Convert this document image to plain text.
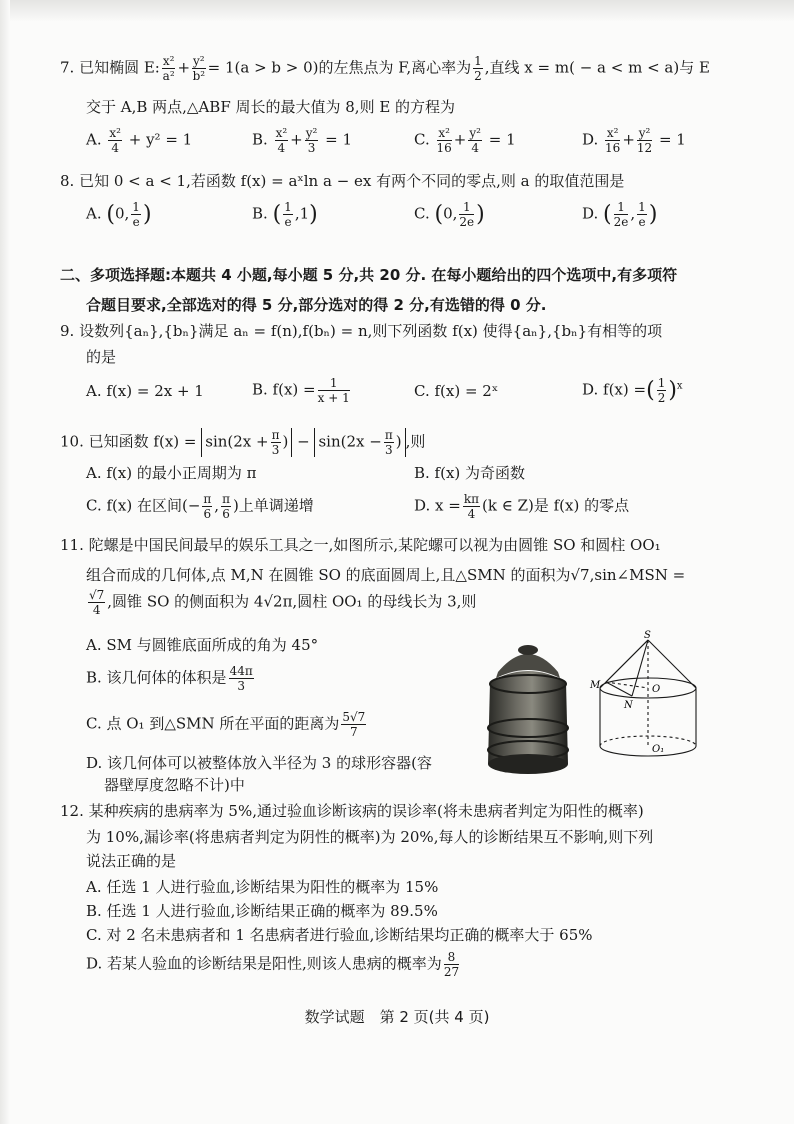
7. 已知椭圆 E: $\frac{\text{x²}}{\text{a²}} + \frac{\text{y²}}{\text{b²}} = 1(a > b > 0)$的左焦点为 F,离心率为 $\frac{1}{2}$ ,直线 x = m( − a < m < a)与 E
交于 A,B 两点,△ABF 周长的最大值为 8,则 E 的方程为
A. $\frac{\text{x²}}{4} + y^2 = 1$	B. $\frac{\text{x²}}{4} + \frac{\text{y²}}{3} = 1$	C. $\frac{\text{x²}}{16} + \frac{\text{y²}}{4} = 1$	D. $\frac{\text{x²}}{16} + \frac{\text{y²}}{12} = 1$
8. 已知 0 < a < 1,若函数 f(x) = aˣln a − ex 有两个不同的零点,则 a 的取值范围是
A. (0, $\frac{1}{e}$ )	B. ( $\frac{1}{e} ,1$)	C. (0, $\frac{1}{2e}$ )	D. ( $\frac{1}{2e}$ , $\frac{1}{e}$ )
二、多项选择题:本题共 4 小题,每小题 5 分,共 20 分. 在每小题给出的四个选项中,有多项符
合题目要求,全部选对的得 5 分,部分选对的得 2 分,有选错的得 0 分.
9. 设数列{aₙ},{bₙ}满足 aₙ = f(n),f(bₙ) = n,则下列函数 f(x) 使得{aₙ},{bₙ}有相等的项
的是
A. f(x) = 2x + 1	B. $f(x) = \frac{1}{x + 1}$	C. f(x) = 2ˣ	D. f(x) =( $\frac{1}{2} )^x$
10. 已知函数 $f(x) = \sin(2x + \frac{\pi}{3}$ ) − $\sin(2x - \frac{\pi}{3}$ ) ,则
A. f(x) 的最小正周期为 π	B. f(x) 为奇函数
C. f(x) 在区间(− $\frac{\pi}{6}$ , $\frac{\pi}{6}$ )上单调递增	D. $x = \frac{k\pi}{4} (k$ ∈ Z)是 f(x) 的零点
11. 陀螺是中国民间最早的娱乐工具之一,如图所示,某陀螺可以视为由圆锥 SO 和圆柱 OO₁
组合而成的几何体,点 M,N 在圆锥 SO 的底面圆周上,且△SMN 的面积为√7,sin∠MSN =
$\frac{√7}{4}$ ,圆锥 SO 的侧面积为 4√2π,圆柱 OO₁ 的母线长为 3,则
A. SM 与圆锥底面所成的角为 45°
B. 该几何体的体积是 $\frac{44\pi}{3}$
C. 点 O₁ 到△SMN 所在平面的距离为 $\frac{5√7}{7}$
D. 该几何体可以被整体放入半径为 3 的球形容器(容
器壁厚度忽略不计)中
S
M	O
N
O₁
12. 某种疾病的患病率为 5%,通过验血诊断该病的误诊率(将未患病者判定为阳性的概率)
为 10%,漏诊率(将患病者判定为阴性的概率)为 20%,每人的诊断结果互不影响,则下列
说法正确的是
A. 任选 1 人进行验血,诊断结果为阳性的概率为 15%
B. 任选 1 人进行验血,诊断结果正确的概率为 89.5%
C. 对 2 名未患病者和 1 名患病者进行验血,诊断结果均正确的概率大于 65%
D. 若某人验血的诊断结果是阳性,则该人患病的概率为 $\frac{8}{27}$
数学试题　第 2 页(共 4 页)
